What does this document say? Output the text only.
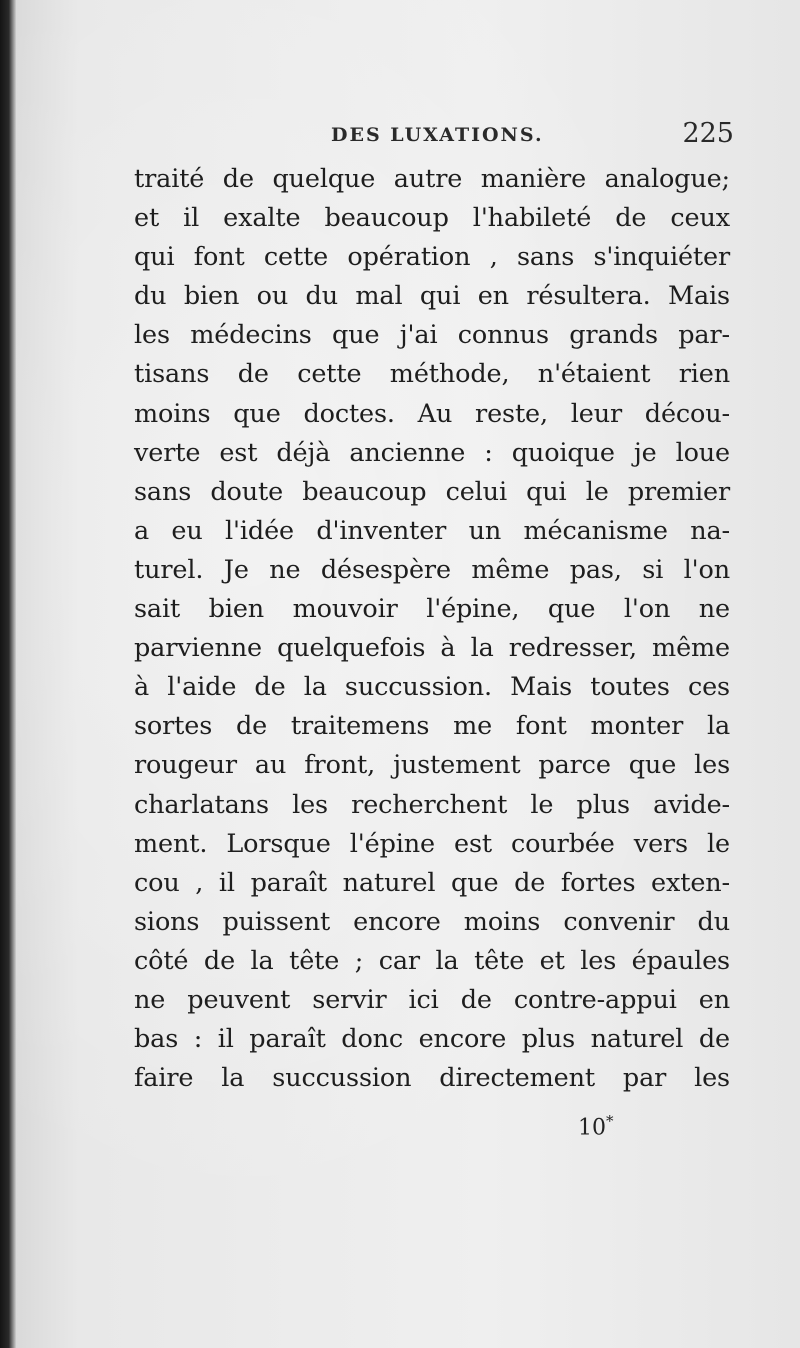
DES LUXATIONS.	225
traité de quelque autre manière analogue;
et il exalte beaucoup l'habileté de ceux
qui font cette opération , sans s'inquiéter
du bien ou du mal qui en résultera. Mais
les médecins que j'ai connus grands par-
tisans de cette méthode, n'étaient rien
moins que doctes. Au reste, leur décou-
verte est déjà ancienne : quoique je loue
sans doute beaucoup celui qui le premier
a eu l'idée d'inventer un mécanisme na-
turel. Je ne désespère même pas, si l'on
sait bien mouvoir l'épine, que l'on ne
parvienne quelquefois à la redresser, même
à l'aide de la succussion. Mais toutes ces
sortes de traitemens me font monter la
rougeur au front, justement parce que les
charlatans les recherchent le plus avide-
ment. Lorsque l'épine est courbée vers le
cou , il paraît naturel que de fortes exten-
sions puissent encore moins convenir du
côté de la tête ; car la tête et les épaules
ne peuvent servir ici de contre-appui en
bas : il paraît donc encore plus naturel de
faire la succussion directement par les
10*
